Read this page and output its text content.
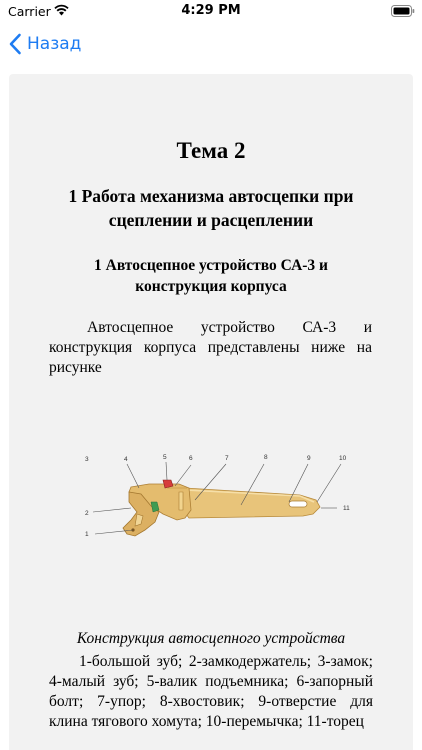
Carrier	4:29 PM
Назад
Тема 2
1 Работа механизма автосцепки при сцеплении и расцеплении
1 Автосцепное устройство СА-3 и конструкция корпуса
Автосцепное устройство СА-3 и конструкция корпуса представлены ниже на рисунке
3	4	5	6	7	8	9	10
2
11
1
Конструкция автосцепного устройства
1-большой зуб; 2-замкодержатель; 3-замок; 4-малый зуб; 5-валик подъемника; 6-запорный болт; 7-упор; 8-хвостовик; 9-отверстие для клина тягового хомута; 10-перемычка; 11-торец
